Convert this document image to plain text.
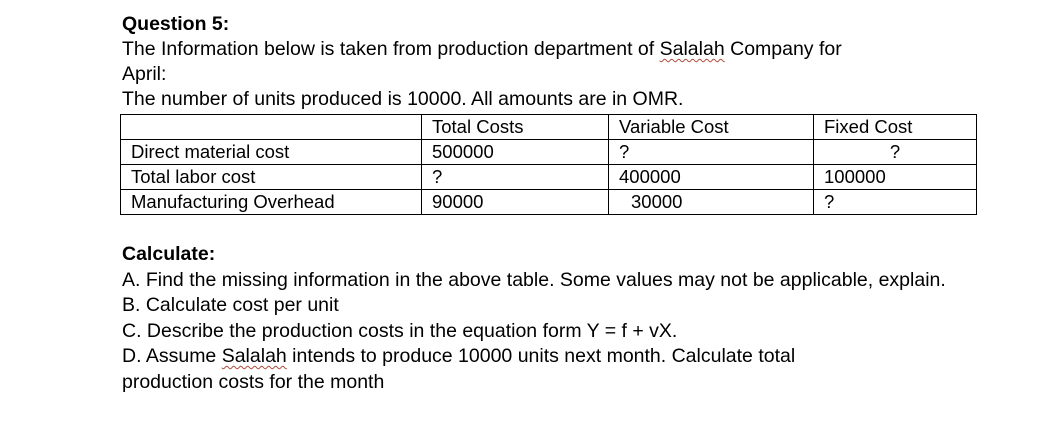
Question 5:
The Information below is taken from production department of Salalah Company for
April:
The number of units produced is 10000. All amounts are in OMR.
	Total Costs	Variable Cost	Fixed Cost
Direct material cost	500000	?	?
Total labor cost	?	400000	100000
Manufacturing Overhead	90000	30000	?
Calculate:
A. Find the missing information in the above table. Some values may not be applicable, explain.
B. Calculate cost per unit
C. Describe the production costs in the equation form Y = f + vX.
D. Assume Salalah intends to produce 10000 units next month. Calculate total
production costs for the month
